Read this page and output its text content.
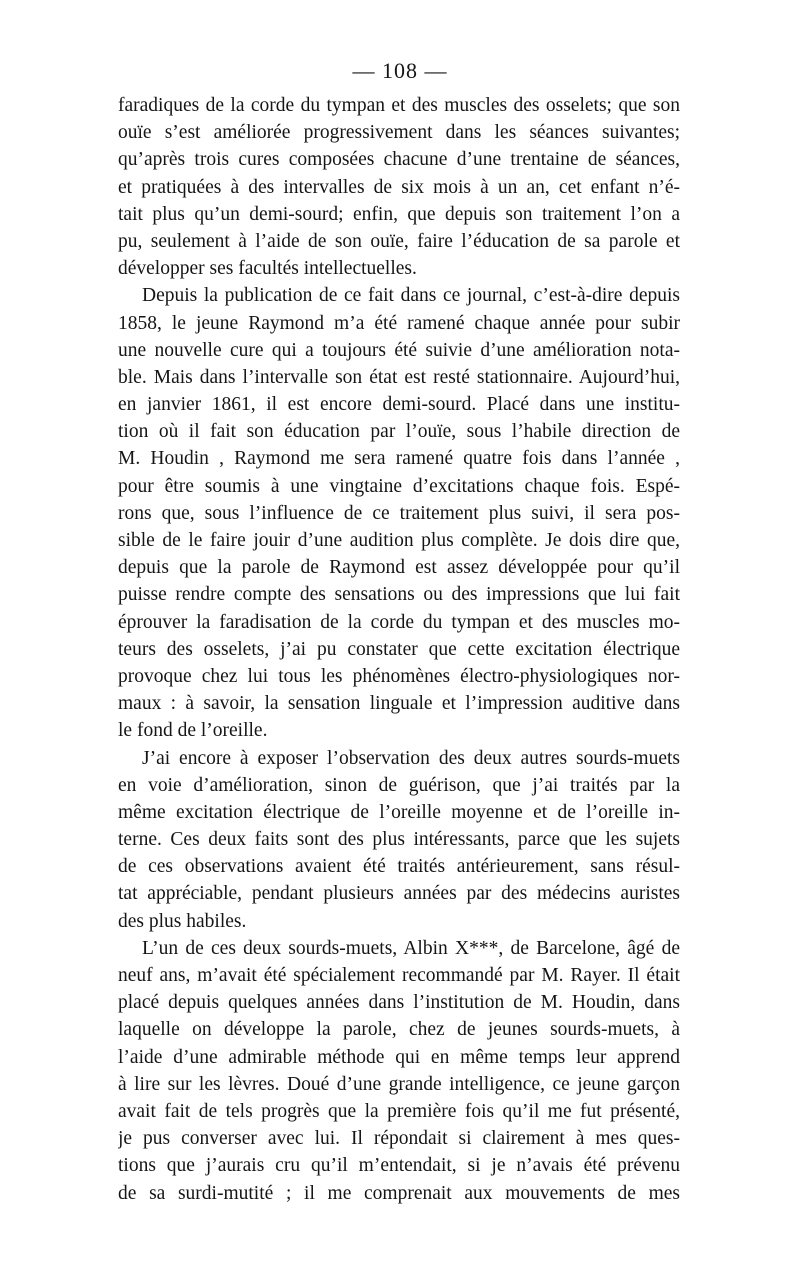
— 108 —
faradiques de la corde du tympan et des muscles des osselets; que son
ouïe s’est améliorée progressivement dans les séances suivantes;
qu’après trois cures composées chacune d’une trentaine de séances,
et pratiquées à des intervalles de six mois à un an, cet enfant n’é-
tait plus qu’un demi-sourd; enfin, que depuis son traitement l’on a
pu, seulement à l’aide de son ouïe, faire l’éducation de sa parole et
développer ses facultés intellectuelles.
Depuis la publication de ce fait dans ce journal, c’est-à-dire depuis
1858, le jeune Raymond m’a été ramené chaque année pour subir
une nouvelle cure qui a toujours été suivie d’une amélioration nota-
ble. Mais dans l’intervalle son état est resté stationnaire. Aujourd’hui,
en janvier 1861, il est encore demi-sourd. Placé dans une institu-
tion où il fait son éducation par l’ouïe, sous l’habile direction de
M. Houdin , Raymond me sera ramené quatre fois dans l’année ,
pour être soumis à une vingtaine d’excitations chaque fois. Espé-
rons que, sous l’influence de ce traitement plus suivi, il sera pos-
sible de le faire jouir d’une audition plus complète. Je dois dire que,
depuis que la parole de Raymond est assez développée pour qu’il
puisse rendre compte des sensations ou des impressions que lui fait
éprouver la faradisation de la corde du tympan et des muscles mo-
teurs des osselets, j’ai pu constater que cette excitation électrique
provoque chez lui tous les phénomènes électro-physiologiques nor-
maux : à savoir, la sensation linguale et l’impression auditive dans
le fond de l’oreille.
J’ai encore à exposer l’observation des deux autres sourds-muets
en voie d’amélioration, sinon de guérison, que j’ai traités par la
même excitation électrique de l’oreille moyenne et de l’oreille in-
terne. Ces deux faits sont des plus intéressants, parce que les sujets
de ces observations avaient été traités antérieurement, sans résul-
tat appréciable, pendant plusieurs années par des médecins auristes
des plus habiles.
L’un de ces deux sourds-muets, Albin X***, de Barcelone, âgé de
neuf ans, m’avait été spécialement recommandé par M. Rayer. Il était
placé depuis quelques années dans l’institution de M. Houdin, dans
laquelle on développe la parole, chez de jeunes sourds-muets, à
l’aide d’une admirable méthode qui en même temps leur apprend
à lire sur les lèvres. Doué d’une grande intelligence, ce jeune garçon
avait fait de tels progrès que la première fois qu’il me fut présenté,
je pus converser avec lui. Il répondait si clairement à mes ques-
tions que j’aurais cru qu’il m’entendait, si je n’avais été prévenu
de sa surdi-mutité ; il me comprenait aux mouvements de mes
